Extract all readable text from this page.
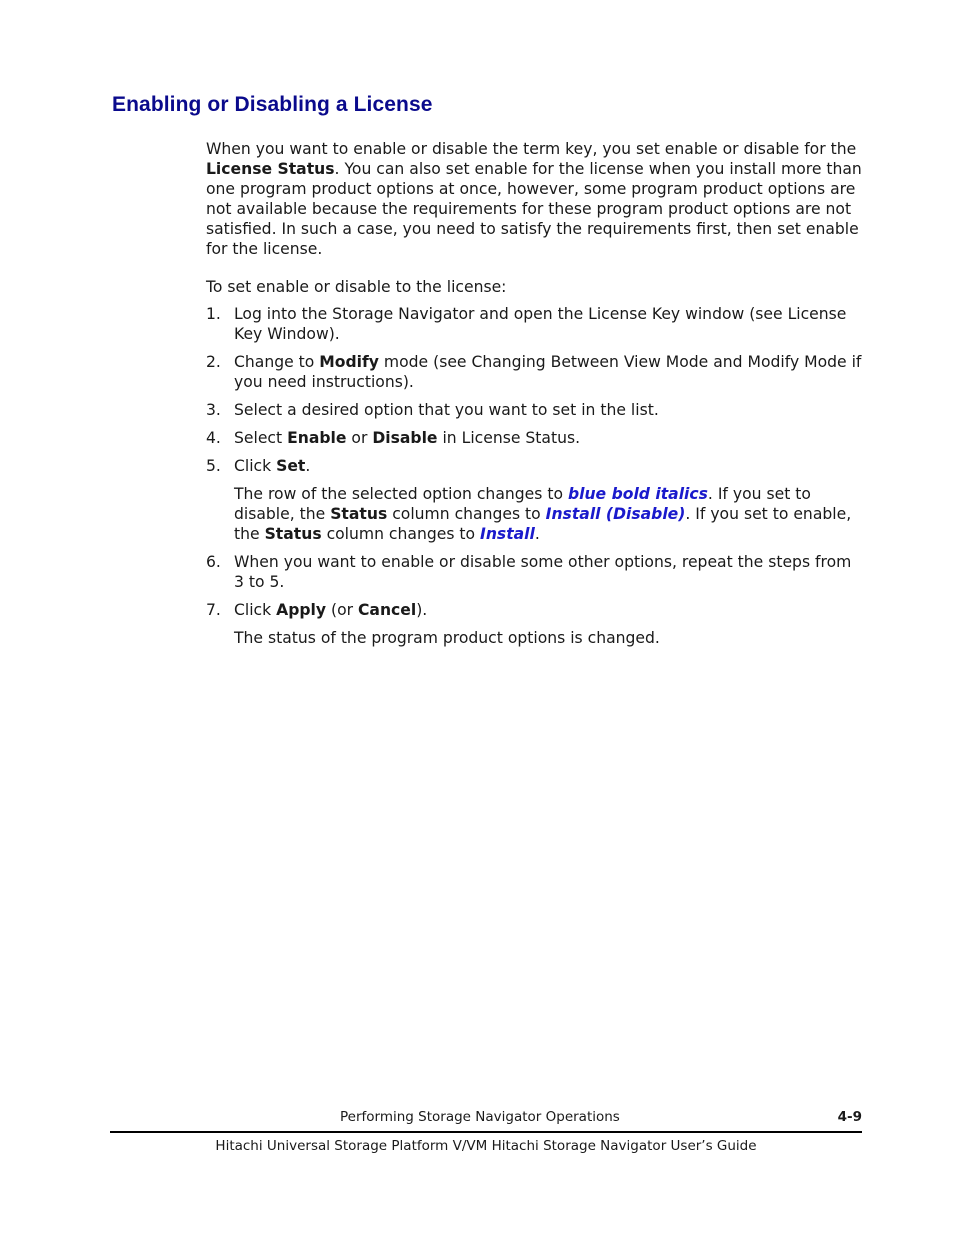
Enabling or Disabling a License

When you want to enable or disable the term key, you set enable or disable for the License Status. You can also set enable for the license when you install more than one program product options at once, however, some program product options are not available because the requirements for these program product options are not satisfied. In such a case, you need to satisfy the requirements first, then set enable for the license.

To set enable or disable to the license:

1. Log into the Storage Navigator and open the License Key window (see License Key Window).
2. Change to Modify mode (see Changing Between View Mode and Modify Mode if you need instructions).
3. Select a desired option that you want to set in the list.
4. Select Enable or Disable in License Status.
5. Click Set.
The row of the selected option changes to blue bold italics. If you set to disable, the Status column changes to Install (Disable). If you set to enable, the Status column changes to Install.
6. When you want to enable or disable some other options, repeat the steps from 3 to 5.
7. Click Apply (or Cancel).
The status of the program product options is changed.
Performing Storage Navigator Operations	4-9
Hitachi Universal Storage Platform V/VM Hitachi Storage Navigator User’s Guide
